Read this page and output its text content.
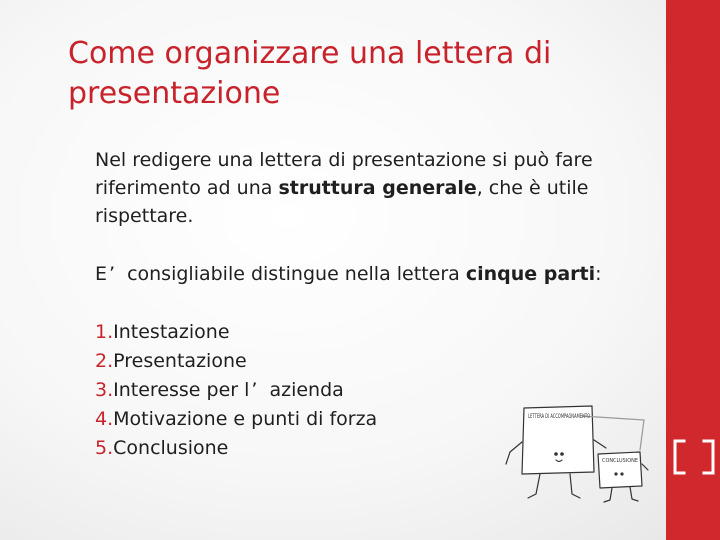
Come organizzare una lettera di presentazione

Nel redigere una lettera di presentazione si può fare riferimento ad una struttura generale, che è utile rispettare.

E ’ consigliabile distingue nella lettera cinque parti:

1.Intestazione
2.Presentazione
3.Interesse per l ’ azienda
4.Motivazione e punti di forza
5.Conclusione
LETTERA DI ACCOMPAGNAMENTO
CONCLUSIONE
